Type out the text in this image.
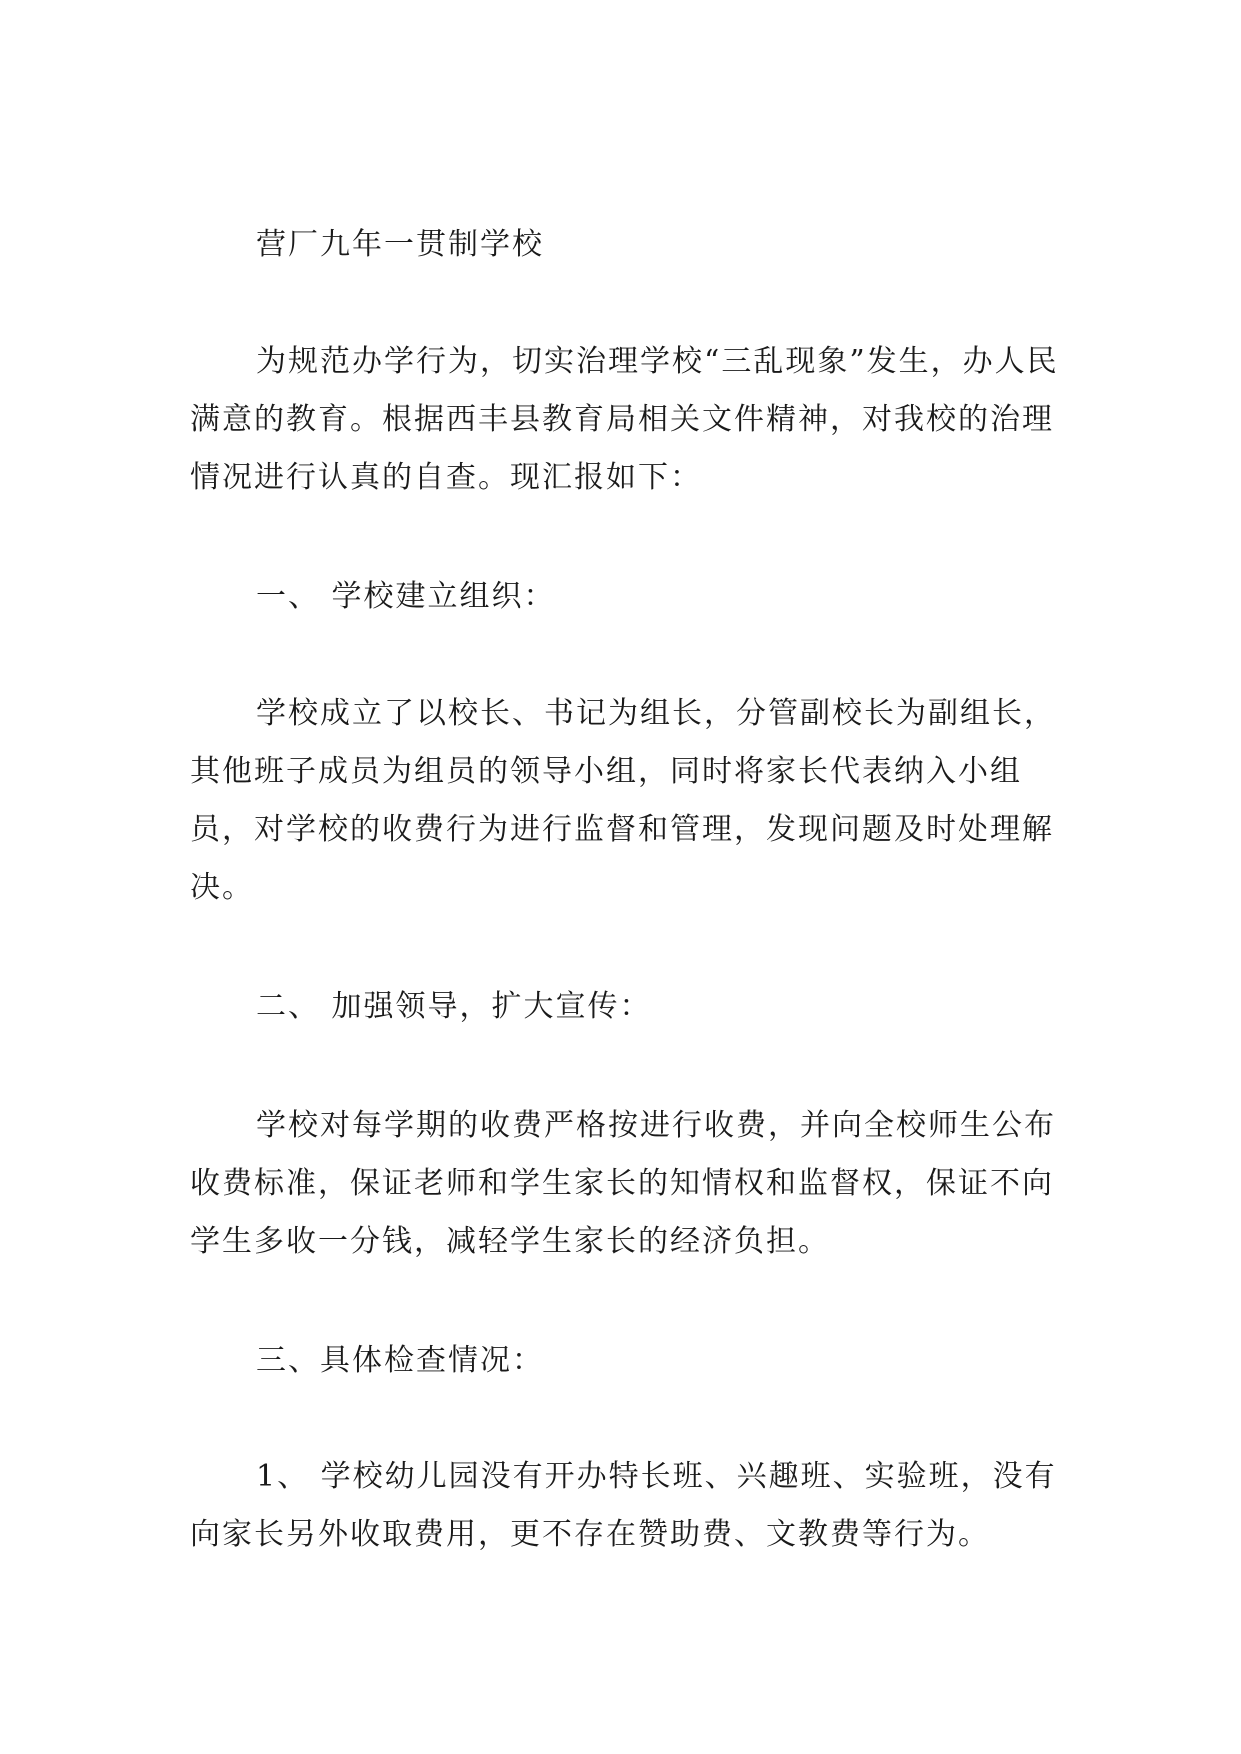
营厂九年一贯制学校

为规范办学行为，切实治理学校“三乱现象”发生，办人民满意的教育。根据西丰县教育局相关文件精神，对我校的治理情况进行认真的自查。现汇报如下：

一、 学校建立组织：

学校成立了以校长、书记为组长，分管副校长为副组长，其他班子成员为组员的领导小组，同时将家长代表纳入小组员，对学校的收费行为进行监督和管理，发现问题及时处理解决。

二、 加强领导，扩大宣传：

学校对每学期的收费严格按进行收费，并向全校师生公布收费标准，保证老师和学生家长的知情权和监督权，保证不向学生多收一分钱，减轻学生家长的经济负担。

三、具体检查情况：

1、 学校幼儿园没有开办特长班、兴趣班、实验班，没有向家长另外收取费用，更不存在赞助费、文教费等行为。
